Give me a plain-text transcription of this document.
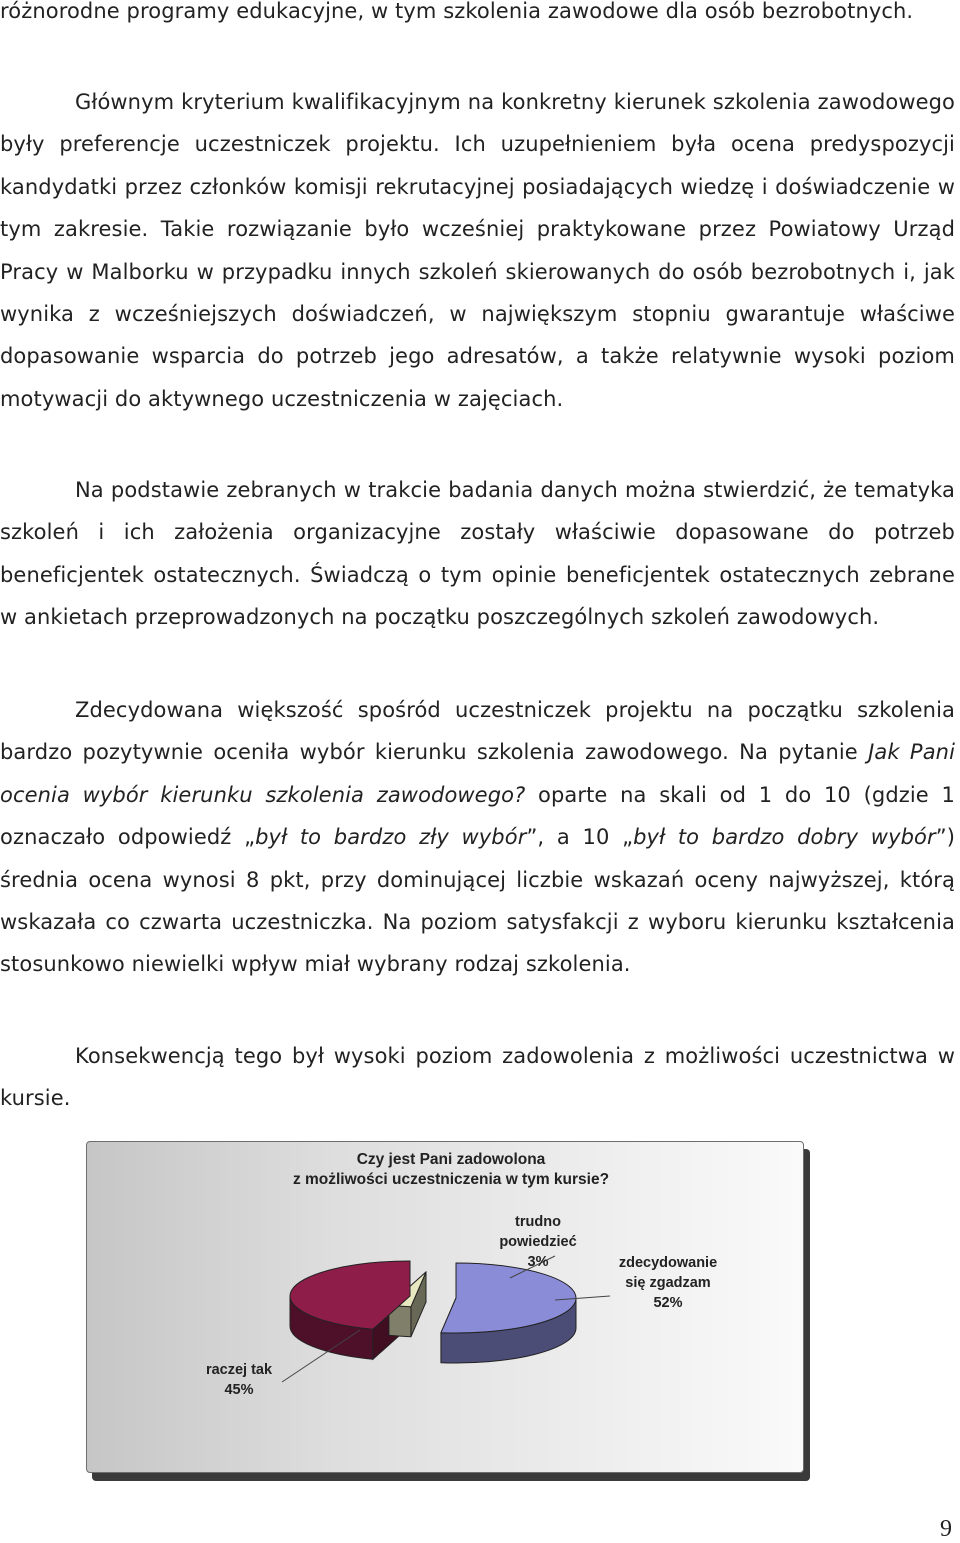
różnorodne programy edukacyjne, w tym szkolenia zawodowe dla osób bezrobotnych.

Głównym kryterium kwalifikacyjnym na konkretny kierunek szkolenia zawodowego były preferencje uczestniczek projektu. Ich uzupełnieniem była ocena predyspozycji kandydatki przez członków komisji rekrutacyjnej posiadających wiedzę i doświadczenie w tym zakresie. Takie rozwiązanie było wcześniej praktykowane przez Powiatowy Urząd Pracy w Malborku w przypadku innych szkoleń skierowanych do osób bezrobotnych i, jak wynika z wcześniejszych doświadczeń, w największym stopniu gwarantuje właściwe dopasowanie wsparcia do potrzeb jego adresatów, a także relatywnie wysoki poziom motywacji do aktywnego uczestniczenia w zajęciach.

Na podstawie zebranych w trakcie badania danych można stwierdzić, że tematyka szkoleń i ich założenia organizacyjne zostały właściwie dopasowane do potrzeb beneficjentek ostatecznych. Świadczą o tym opinie beneficjentek ostatecznych zebrane w ankietach przeprowadzonych na początku poszczególnych szkoleń zawodowych.

Zdecydowana większość spośród uczestniczek projektu na początku szkolenia bardzo pozytywnie oceniła wybór kierunku szkolenia zawodowego. Na pytanie Jak Pani ocenia wybór kierunku szkolenia zawodowego? oparte na skali od 1 do 10 (gdzie 1 oznaczało odpowiedź „był to bardzo zły wybór”, a 10 „był to bardzo dobry wybór”) średnia ocena wynosi 8 pkt, przy dominującej liczbie wskazań oceny najwyższej, którą wskazała co czwarta uczestniczka. Na poziom satysfakcji z wyboru kierunku kształcenia stosunkowo niewielki wpływ miał wybrany rodzaj szkolenia.

Konsekwencją tego był wysoki poziom zadowolenia z możliwości uczestnictwa w kursie.

Czy jest Pani zadowolona
z możliwości uczestniczenia w tym kursie?
trudno
powiedzieć
3%	zdecydowanie
się zgadzam
52%
raczej tak
45%
9
